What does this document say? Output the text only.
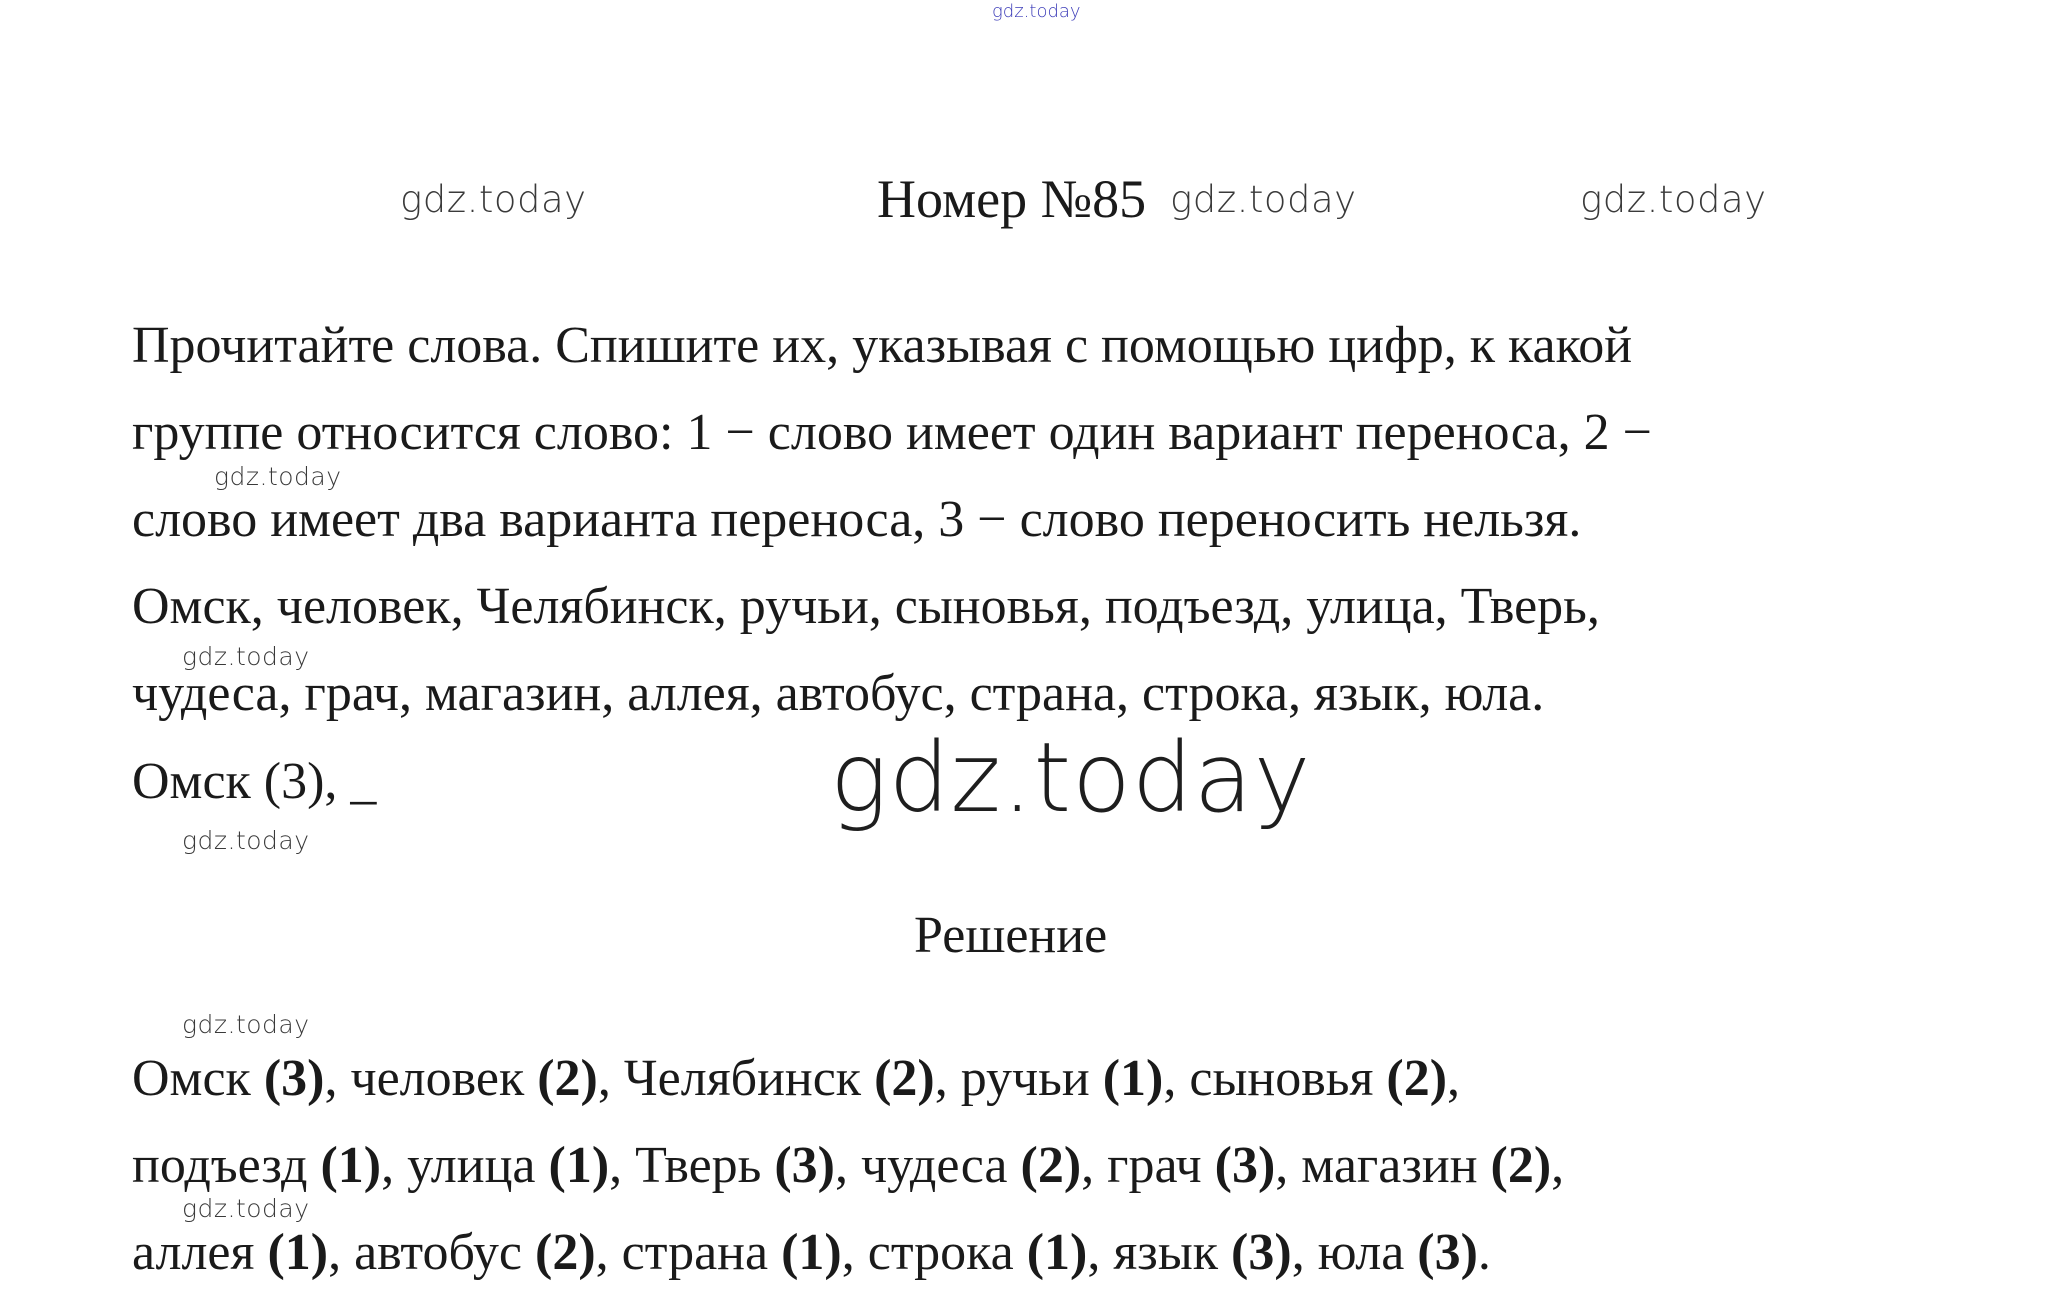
gdz.today
gdz.today	gdz.today	gdz.today
gdz.today
gdz.today
gdz.today
gdz.today
gdz.today
gdz.today
Номер №85
Прочитайте слова. Спишите их, указывая с помощью цифр, к какой
группе относится слово: 1 − слово имеет один вариант переноса, 2 −
слово имеет два варианта переноса, 3 − слово переносить нельзя.
Омск, человек, Челябинск, ручьи, сыновья, подъезд, улица, Тверь,
чудеса, грач, магазин, аллея, автобус, страна, строка, язык, юла.
Омск (3), _
Решение
Омск (3), человек (2), Челябинск (2), ручьи (1), сыновья (2),
подъезд (1), улица (1), Тверь (3), чудеса (2), грач (3), магазин (2),
аллея (1), автобус (2), страна (1), строка (1), язык (3), юла (3).
